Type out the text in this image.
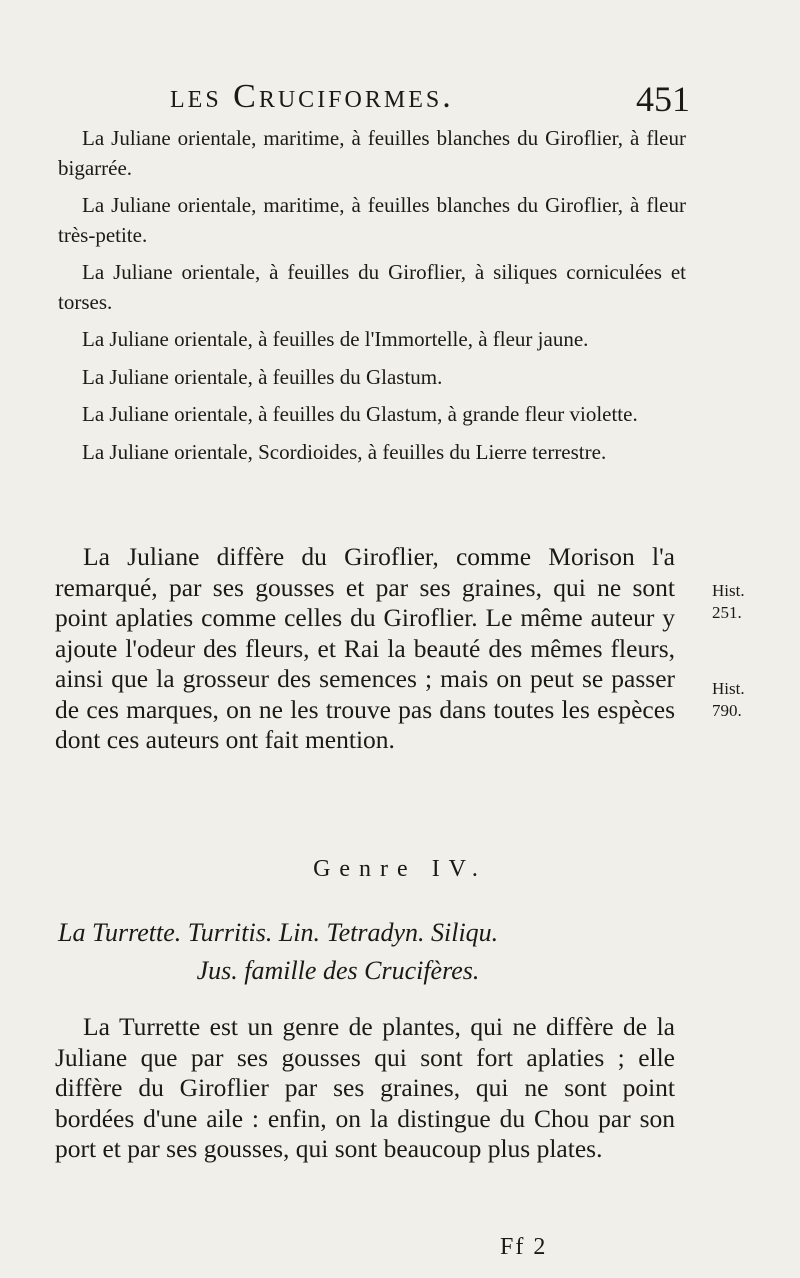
les Cruciformes.	451

La Juliane orientale, maritime, à feuilles blanches du Giroflier, à fleur bigarrée.

La Juliane orientale, maritime, à feuilles blanches du Giroflier, à fleur très-petite.

La Juliane orientale, à feuilles du Giroflier, à siliques corniculées et torses.

La Juliane orientale, à feuilles de l'Immortelle, à fleur jaune.

La Juliane orientale, à feuilles du Glastum.

La Juliane orientale, à feuilles du Glastum, à grande fleur violette.

La Juliane orientale, Scordioides, à feuilles du Lierre terrestre.

La Juliane diffère du Giroflier, comme Morison l'a remarqué, par ses gousses et par ses graines, qui ne sont point aplaties comme celles du Giroflier. Le même auteur y ajoute l'odeur des fleurs, et Rai la beauté des mêmes fleurs, ainsi que la grosseur des semences ; mais on peut se passer de ces marques, on ne les trouve pas dans toutes les espèces dont ces auteurs ont fait mention.

Hist.
251.
Hist.
790.
Genre IV.
La Turrette. Turritis. Lin. Tetradyn. Siliqu.
Jus. famille des Crucifères.

La Turrette est un genre de plantes, qui ne diffère de la Juliane que par ses gousses qui sont fort aplaties ; elle diffère du Giroflier par ses graines, qui ne sont point bordées d'une aile : enfin, on la distingue du Chou par son port et par ses gousses, qui sont beaucoup plus plates.

Ff 2
